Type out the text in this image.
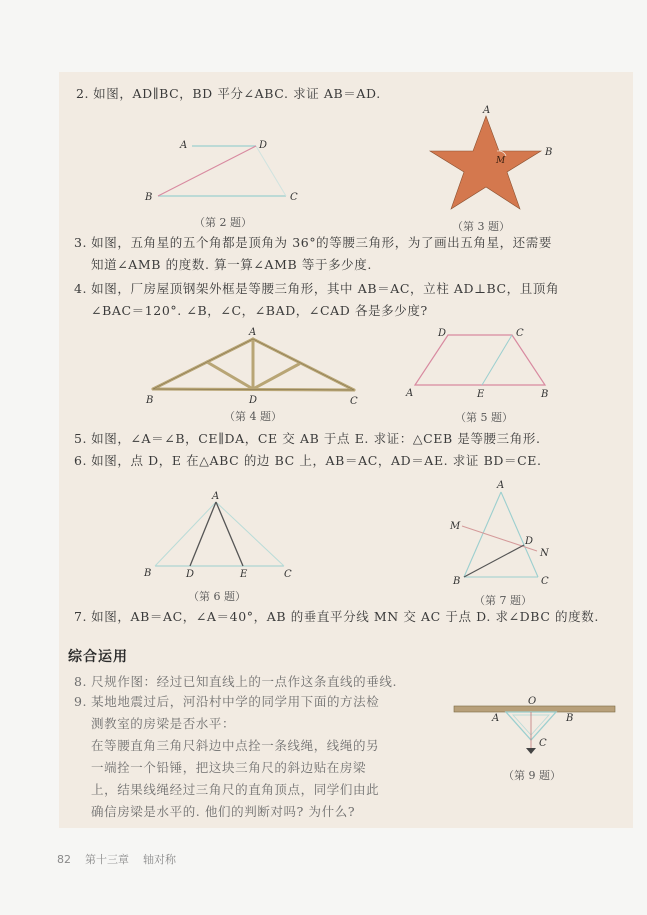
2. 如图，AD∥BC，BD 平分∠ABC. 求证 AB＝AD.
A	D
B	C
A
B
M
A
B	D	C
D	C
A	E	B
A
B	D	E	C
A
M
D
N
B	C
O
A	B
C
（第 2 题）	（第 3 题）
3. 如图，五角星的五个角都是顶角为 36°的等腰三角形，为了画出五角星，还需要
知道∠AMB 的度数. 算一算∠AMB 等于多少度.
4. 如图，厂房屋顶钢架外框是等腰三角形，其中 AB＝AC，立柱 AD⊥BC，且顶角
∠BAC＝120°. ∠B，∠C，∠BAD，∠CAD 各是多少度?
（第 4 题）	（第 5 题）
5. 如图，∠A＝∠B，CE∥DA，CE 交 AB 于点 E. 求证：△CEB 是等腰三角形.
6. 如图，点 D，E 在△ABC 的边 BC 上，AB＝AC，AD＝AE. 求证 BD＝CE.
（第 6 题）	（第 7 题）
7. 如图，AB＝AC，∠A＝40°，AB 的垂直平分线 MN 交 AC 于点 D. 求∠DBC 的度数.
综合运用
8. 尺规作图：经过已知直线上的一点作这条直线的垂线.
9. 某地地震过后，河沿村中学的同学用下面的方法检
测教室的房梁是否水平：
在等腰直角三角尺斜边中点拴一条线绳，线绳的另
一端拴一个铅锤，把这块三角尺的斜边贴在房梁
上，结果线绳经过三角尺的直角顶点，同学们由此
确信房梁是水平的. 他们的判断对吗? 为什么?
（第 9 题）
82 第十三章 轴对称
